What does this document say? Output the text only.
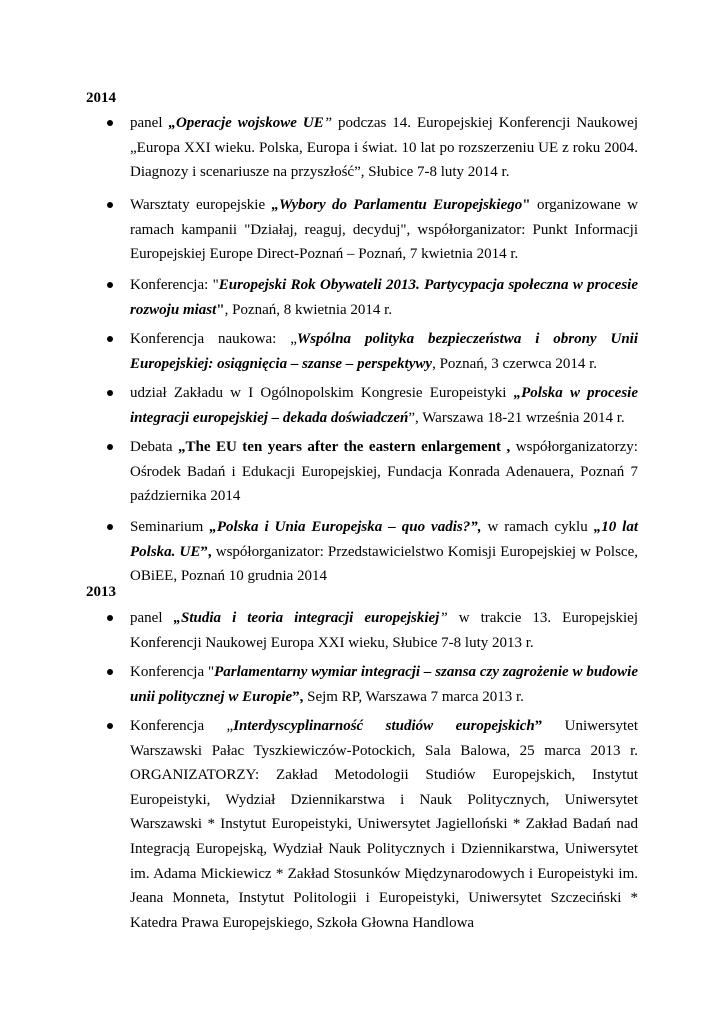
2014
panel „Operacje wojskowe UE” podczas 14. Europejskiej Konferencji Naukowej „Europa XXI wieku. Polska, Europa i świat. 10 lat po rozszerzeniu UE z roku 2004. Diagnozy i scenariusze na przyszłość”, Słubice 7-8 luty 2014 r.
Warsztaty europejskie „Wybory do Parlamentu Europejskiego" organizowane w ramach kampanii "Działaj, reaguj, decyduj", współorganizator: Punkt Informacji Europejskiej Europe Direct-Poznań – Poznań, 7 kwietnia 2014 r.
Konferencja: "Europejski Rok Obywateli 2013. Partycypacja społeczna w procesie rozwoju miast", Poznań, 8 kwietnia 2014 r.
Konferencja naukowa: „Wspólna polityka bezpieczeństwa i obrony Unii Europejskiej: osiągnięcia – szanse – perspektywy, Poznań, 3 czerwca 2014 r.
udział Zakładu w I Ogólnopolskim Kongresie Europeistyki „Polska w procesie integracji europejskiej – dekada doświadczeń”, Warszawa 18-21 września 2014 r.
Debata „The EU ten years after the eastern enlargement , współorganizatorzy: Ośrodek Badań i Edukacji Europejskiej, Fundacja Konrada Adenauera, Poznań 7 października 2014
Seminarium „Polska i Unia Europejska – quo vadis?”, w ramach cyklu „10 lat Polska. UE”, współorganizator: Przedstawicielstwo Komisji Europejskiej w Polsce, OBiEE, Poznań 10 grudnia 2014
2013
panel „Studia i teoria integracji europejskiej” w trakcie 13. Europejskiej Konferencji Naukowej Europa XXI wieku, Słubice 7-8 luty 2013 r.
Konferencja "Parlamentarny wymiar integracji – szansa czy zagrożenie w budowie unii politycznej w Europie”, Sejm RP, Warszawa 7 marca 2013 r.
Konferencja „Interdyscyplinarność studiów europejskich” Uniwersytet Warszawski Pałac Tyszkiewiczów-Potockich, Sala Balowa, 25 marca 2013 r. ORGANIZATORZY: Zakład Metodologii Studiów Europejskich, Instytut Europeistyki, Wydział Dziennikarstwa i Nauk Politycznych, Uniwersytet Warszawski * Instytut Europeistyki, Uniwersytet Jagielloński * Zakład Badań nad Integracją Europejską, Wydział Nauk Politycznych i Dziennikarstwa, Uniwersytet im. Adama Mickiewicz * Zakład Stosunków Międzynarodowych i Europeistyki im. Jeana Monneta, Instytut Politologii i Europeistyki, Uniwersytet Szczeciński * Katedra Prawa Europejskiego, Szkoła Głowna Handlowa
